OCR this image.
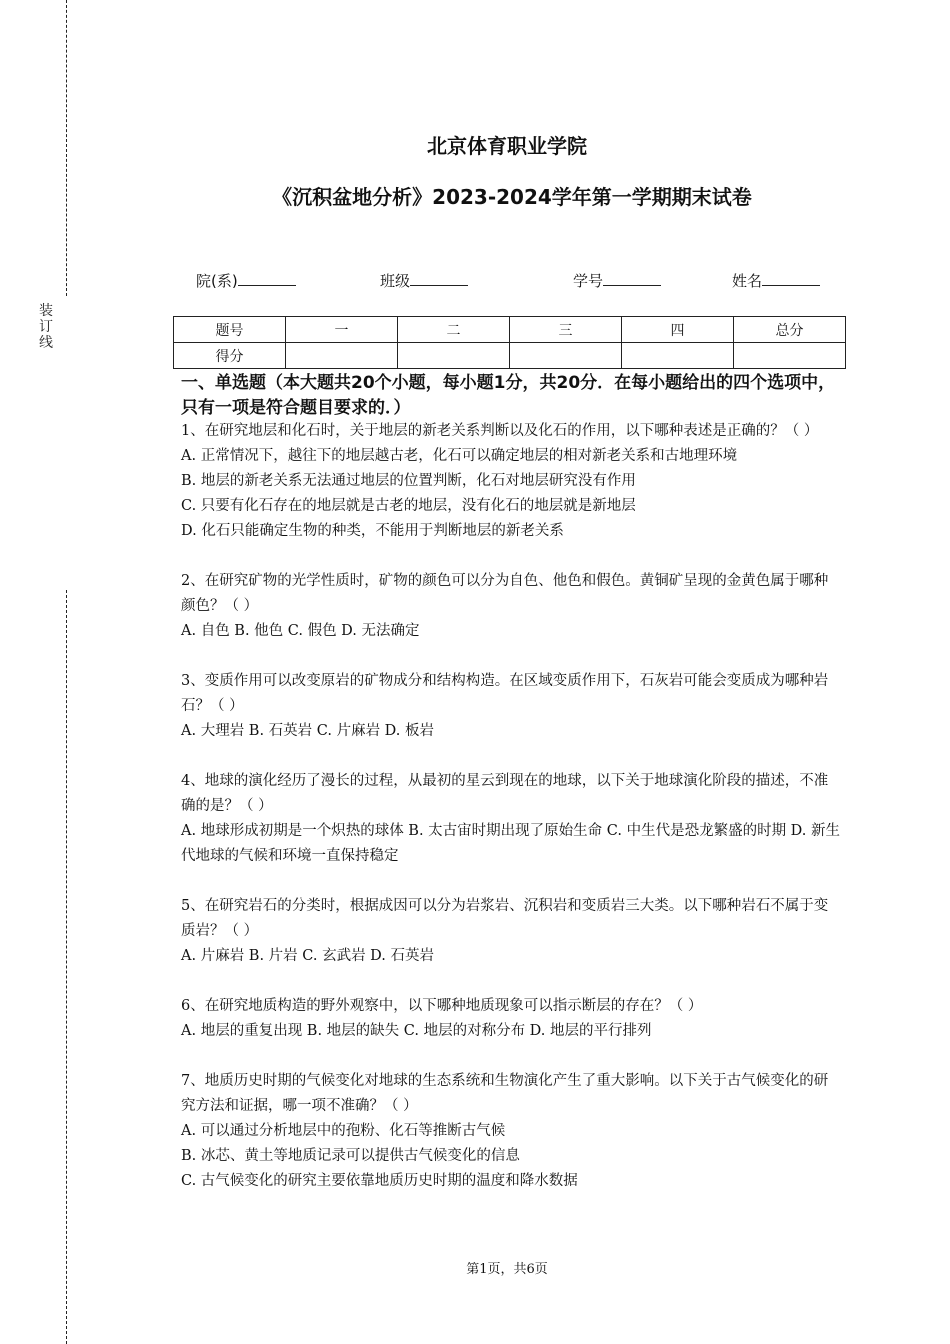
装
订
线
北京体育职业学院
《沉积盆地分析》2023-2024学年第一学期期末试卷
院(系)	班级	学号	姓名
题号	一	二	三	四	总分
得分					
一、单选题（本大题共20个小题，每小题1分，共20分．在每小题给出的四个选项中，只有一项是符合题目要求的．）

1、在研究地层和化石时，关于地层的新老关系判断以及化石的作用，以下哪种表述是正确的？（ ）

A. 正常情况下，越往下的地层越古老，化石可以确定地层的相对新老关系和古地理环境

B. 地层的新老关系无法通过地层的位置判断，化石对地层研究没有作用

C. 只要有化石存在的地层就是古老的地层，没有化石的地层就是新地层

D. 化石只能确定生物的种类，不能用于判断地层的新老关系

2、在研究矿物的光学性质时，矿物的颜色可以分为自色、他色和假色。黄铜矿呈现的金黄色属于哪种颜色？（ ）

A. 自色 B. 他色 C. 假色 D. 无法确定

3、变质作用可以改变原岩的矿物成分和结构构造。在区域变质作用下，石灰岩可能会变质成为哪种岩石？（ ）

A. 大理岩 B. 石英岩 C. 片麻岩 D. 板岩

4、地球的演化经历了漫长的过程，从最初的星云到现在的地球，以下关于地球演化阶段的描述，不准确的是？（ ）

A. 地球形成初期是一个炽热的球体 B. 太古宙时期出现了原始生命 C. 中生代是恐龙繁盛的时期 D. 新生代地球的气候和环境一直保持稳定

5、在研究岩石的分类时，根据成因可以分为岩浆岩、沉积岩和变质岩三大类。以下哪种岩石不属于变质岩？（ ）

A. 片麻岩 B. 片岩 C. 玄武岩 D. 石英岩

6、在研究地质构造的野外观察中，以下哪种地质现象可以指示断层的存在？（ ）

A. 地层的重复出现 B. 地层的缺失 C. 地层的对称分布 D. 地层的平行排列

7、地质历史时期的气候变化对地球的生态系统和生物演化产生了重大影响。以下关于古气候变化的研究方法和证据，哪一项不准确？（ ）

A. 可以通过分析地层中的孢粉、化石等推断古气候

B. 冰芯、黄土等地质记录可以提供古气候变化的信息

C. 古气候变化的研究主要依靠地质历史时期的温度和降水数据

第1页，共6页
